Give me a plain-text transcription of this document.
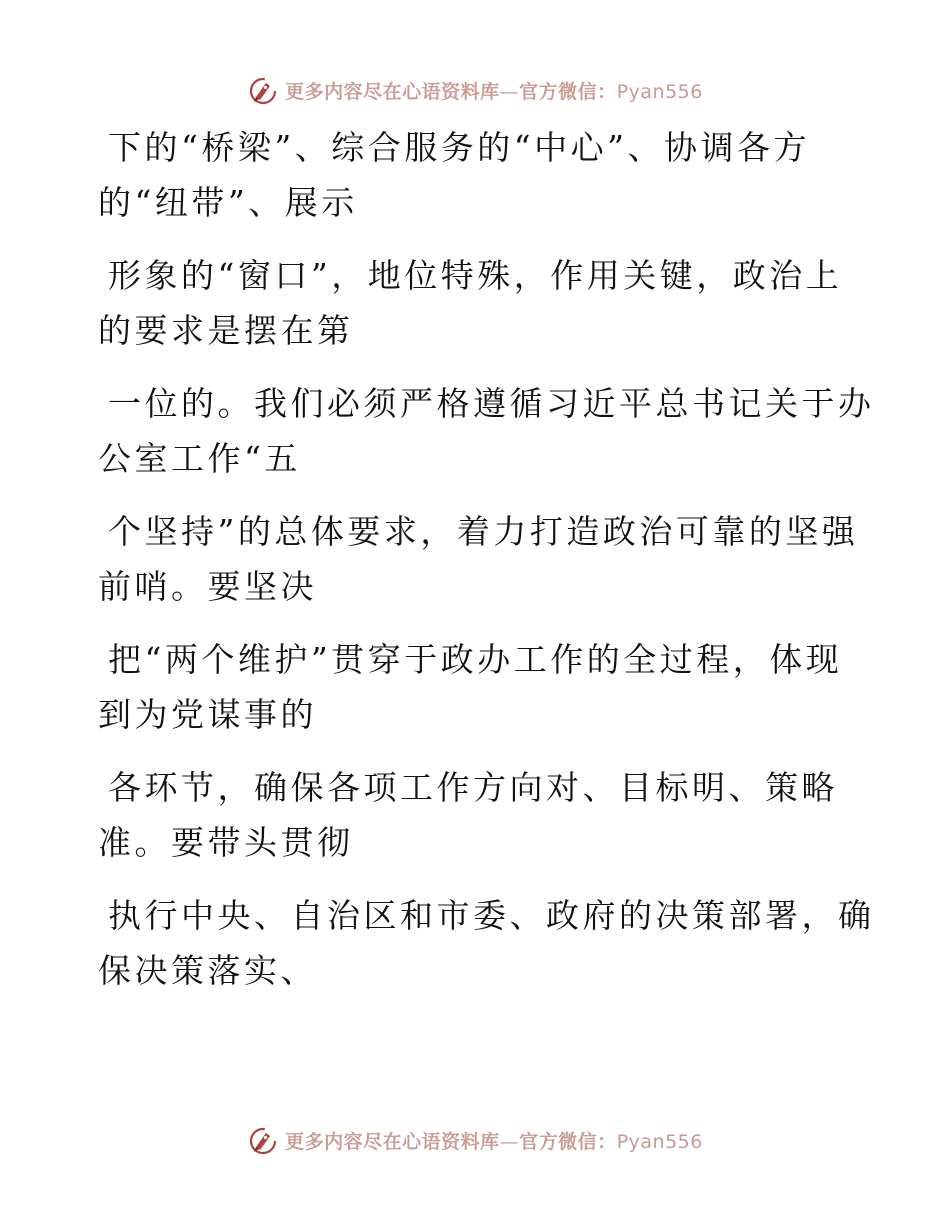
更多内容尽在心语资料库—官方微信：Pyan556
下的“桥梁”、综合服务的“中心”、协调各方
的“纽带”、展示
形象的“窗口”，地位特殊，作用关键，政治上
的要求是摆在第
一位的。我们必须严格遵循习近平总书记关于办
公室工作“五
个坚持”的总体要求，着力打造政治可靠的坚强
前哨。要坚决
把“两个维护”贯穿于政办工作的全过程，体现
到为党谋事的
各环节，确保各项工作方向对、目标明、策略
准。要带头贯彻
执行中央、自治区和市委、政府的决策部署，确
保决策落实、
更多内容尽在心语资料库—官方微信：Pyan556
